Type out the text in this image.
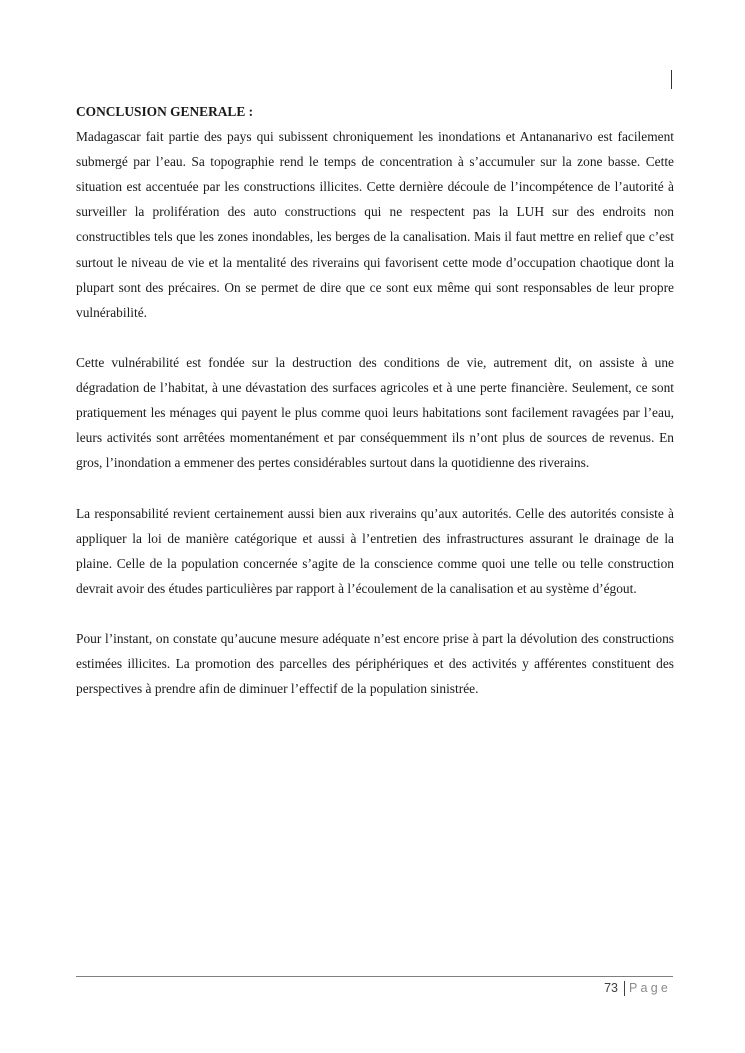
CONCLUSION GENERALE :

Madagascar fait partie des pays qui subissent chroniquement les inondations et Antananarivo est facilement submergé par l’eau. Sa topographie rend le temps de concentration à s’accumuler sur la zone basse. Cette situation est accentuée par les constructions illicites. Cette dernière découle de l’incompétence de l’autorité à surveiller la prolifération des auto constructions qui ne respectent pas la LUH sur des endroits non constructibles tels que les zones inondables, les berges de la canalisation. Mais il faut mettre en relief que c’est surtout le niveau de vie et la mentalité des riverains qui favorisent cette mode d’occupation chaotique dont la plupart sont des précaires. On se permet de dire que ce sont eux même qui sont responsables de leur propre vulnérabilité.

Cette vulnérabilité est fondée sur la destruction des conditions de vie, autrement dit, on assiste à une dégradation de l’habitat, à une dévastation des surfaces agricoles et à une perte financière. Seulement, ce sont pratiquement les ménages qui payent le plus comme quoi leurs habitations sont facilement ravagées par l’eau, leurs activités sont arrêtées momentanément et par conséquemment ils n’ont plus de sources de revenus. En gros, l’inondation a emmener des pertes considérables surtout dans la quotidienne des riverains.

La responsabilité revient certainement aussi bien aux riverains qu’aux autorités. Celle des autorités consiste à appliquer la loi de manière catégorique et aussi à l’entretien des infrastructures assurant le drainage de la plaine. Celle de la population concernée s’agite de la conscience comme quoi une telle ou telle construction devrait avoir des études particulières par rapport à l’écoulement de la canalisation et au système d’égout.

Pour l’instant, on constate qu’aucune mesure adéquate n’est encore prise à part la dévolution des constructions estimées illicites. La promotion des parcelles des périphériques et des activités y afférentes constituent des perspectives à prendre afin de diminuer l’effectif de la population sinistrée.

73 Page
